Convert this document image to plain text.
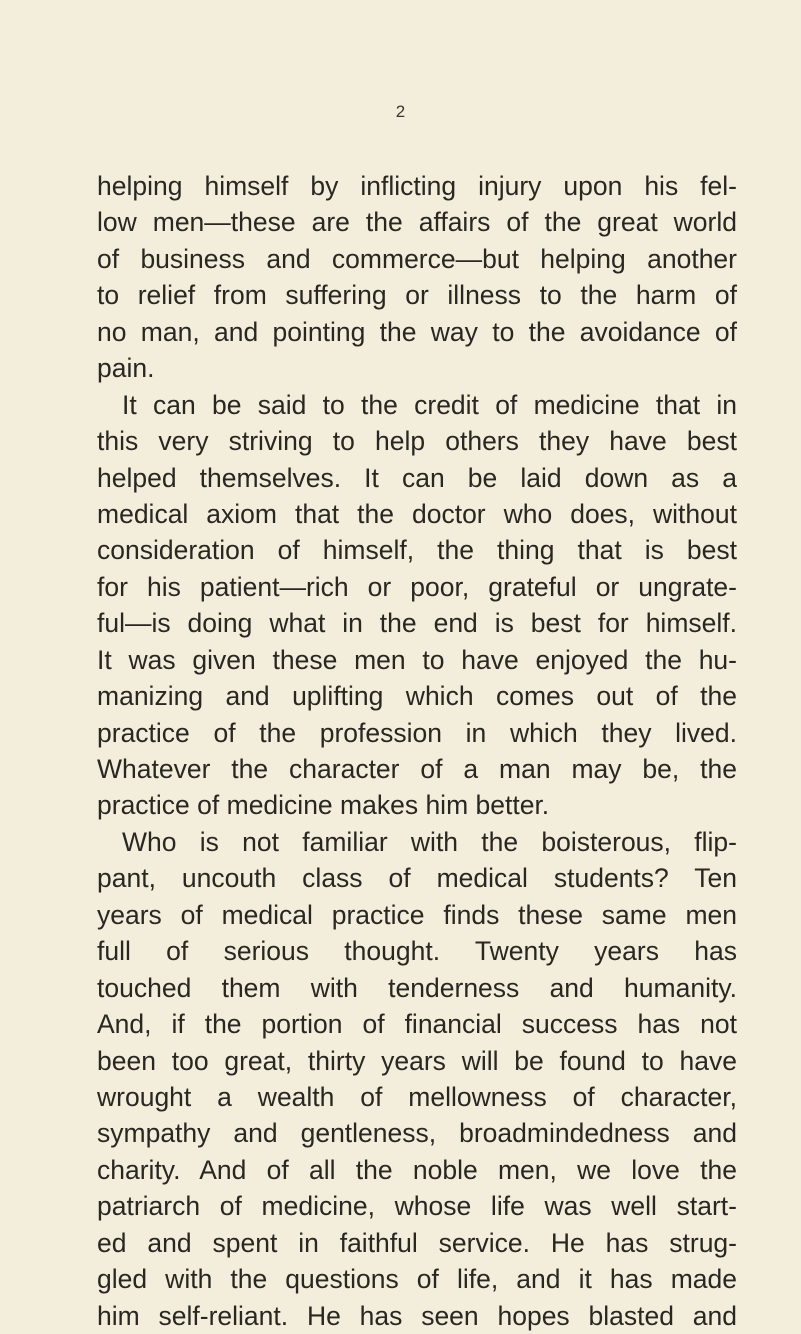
2
helping himself by inflicting injury upon his fel-
low men—these are the affairs of the great world
of business and commerce—but helping another
to relief from suffering or illness to the harm of
no man, and pointing the way to the avoidance of
pain.
It can be said to the credit of medicine that in
this very striving to help others they have best
helped themselves. It can be laid down as a
medical axiom that the doctor who does, without
consideration of himself, the thing that is best
for his patient—rich or poor, grateful or ungrate-
ful—is doing what in the end is best for himself.
It was given these men to have enjoyed the hu-
manizing and uplifting which comes out of the
practice of the profession in which they lived.
Whatever the character of a man may be, the
practice of medicine makes him better.
Who is not familiar with the boisterous, flip-
pant, uncouth class of medical students? Ten
years of medical practice finds these same men
full of serious thought. Twenty years has
touched them with tenderness and humanity.
And, if the portion of financial success has not
been too great, thirty years will be found to have
wrought a wealth of mellowness of character,
sympathy and gentleness, broadmindedness and
charity. And of all the noble men, we love the
patriarch of medicine, whose life was well start-
ed and spent in faithful service. He has strug-
gled with the questions of life, and it has made
him self-reliant. He has seen hopes blasted and
